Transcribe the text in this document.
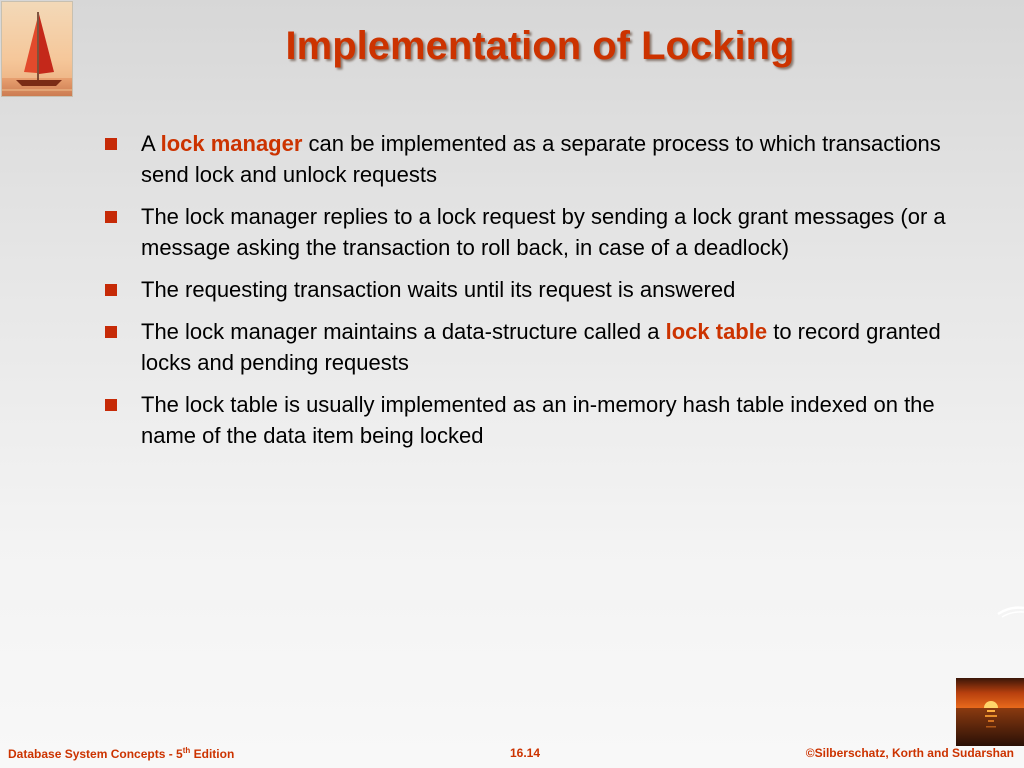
Implementation of Locking
A lock manager can be implemented as a separate process to which transactions send lock and unlock requests
The lock manager replies to a lock request by sending a lock grant messages (or a message asking the transaction to roll back, in case of a deadlock)
The requesting transaction waits until its request is answered
The lock manager maintains a data-structure called a lock table to record granted locks and pending requests
The lock table is usually implemented as an in-memory hash table indexed on the name of the data item being locked
Database System Concepts - 5th Edition	16.14	©Silberschatz, Korth and Sudarshan
